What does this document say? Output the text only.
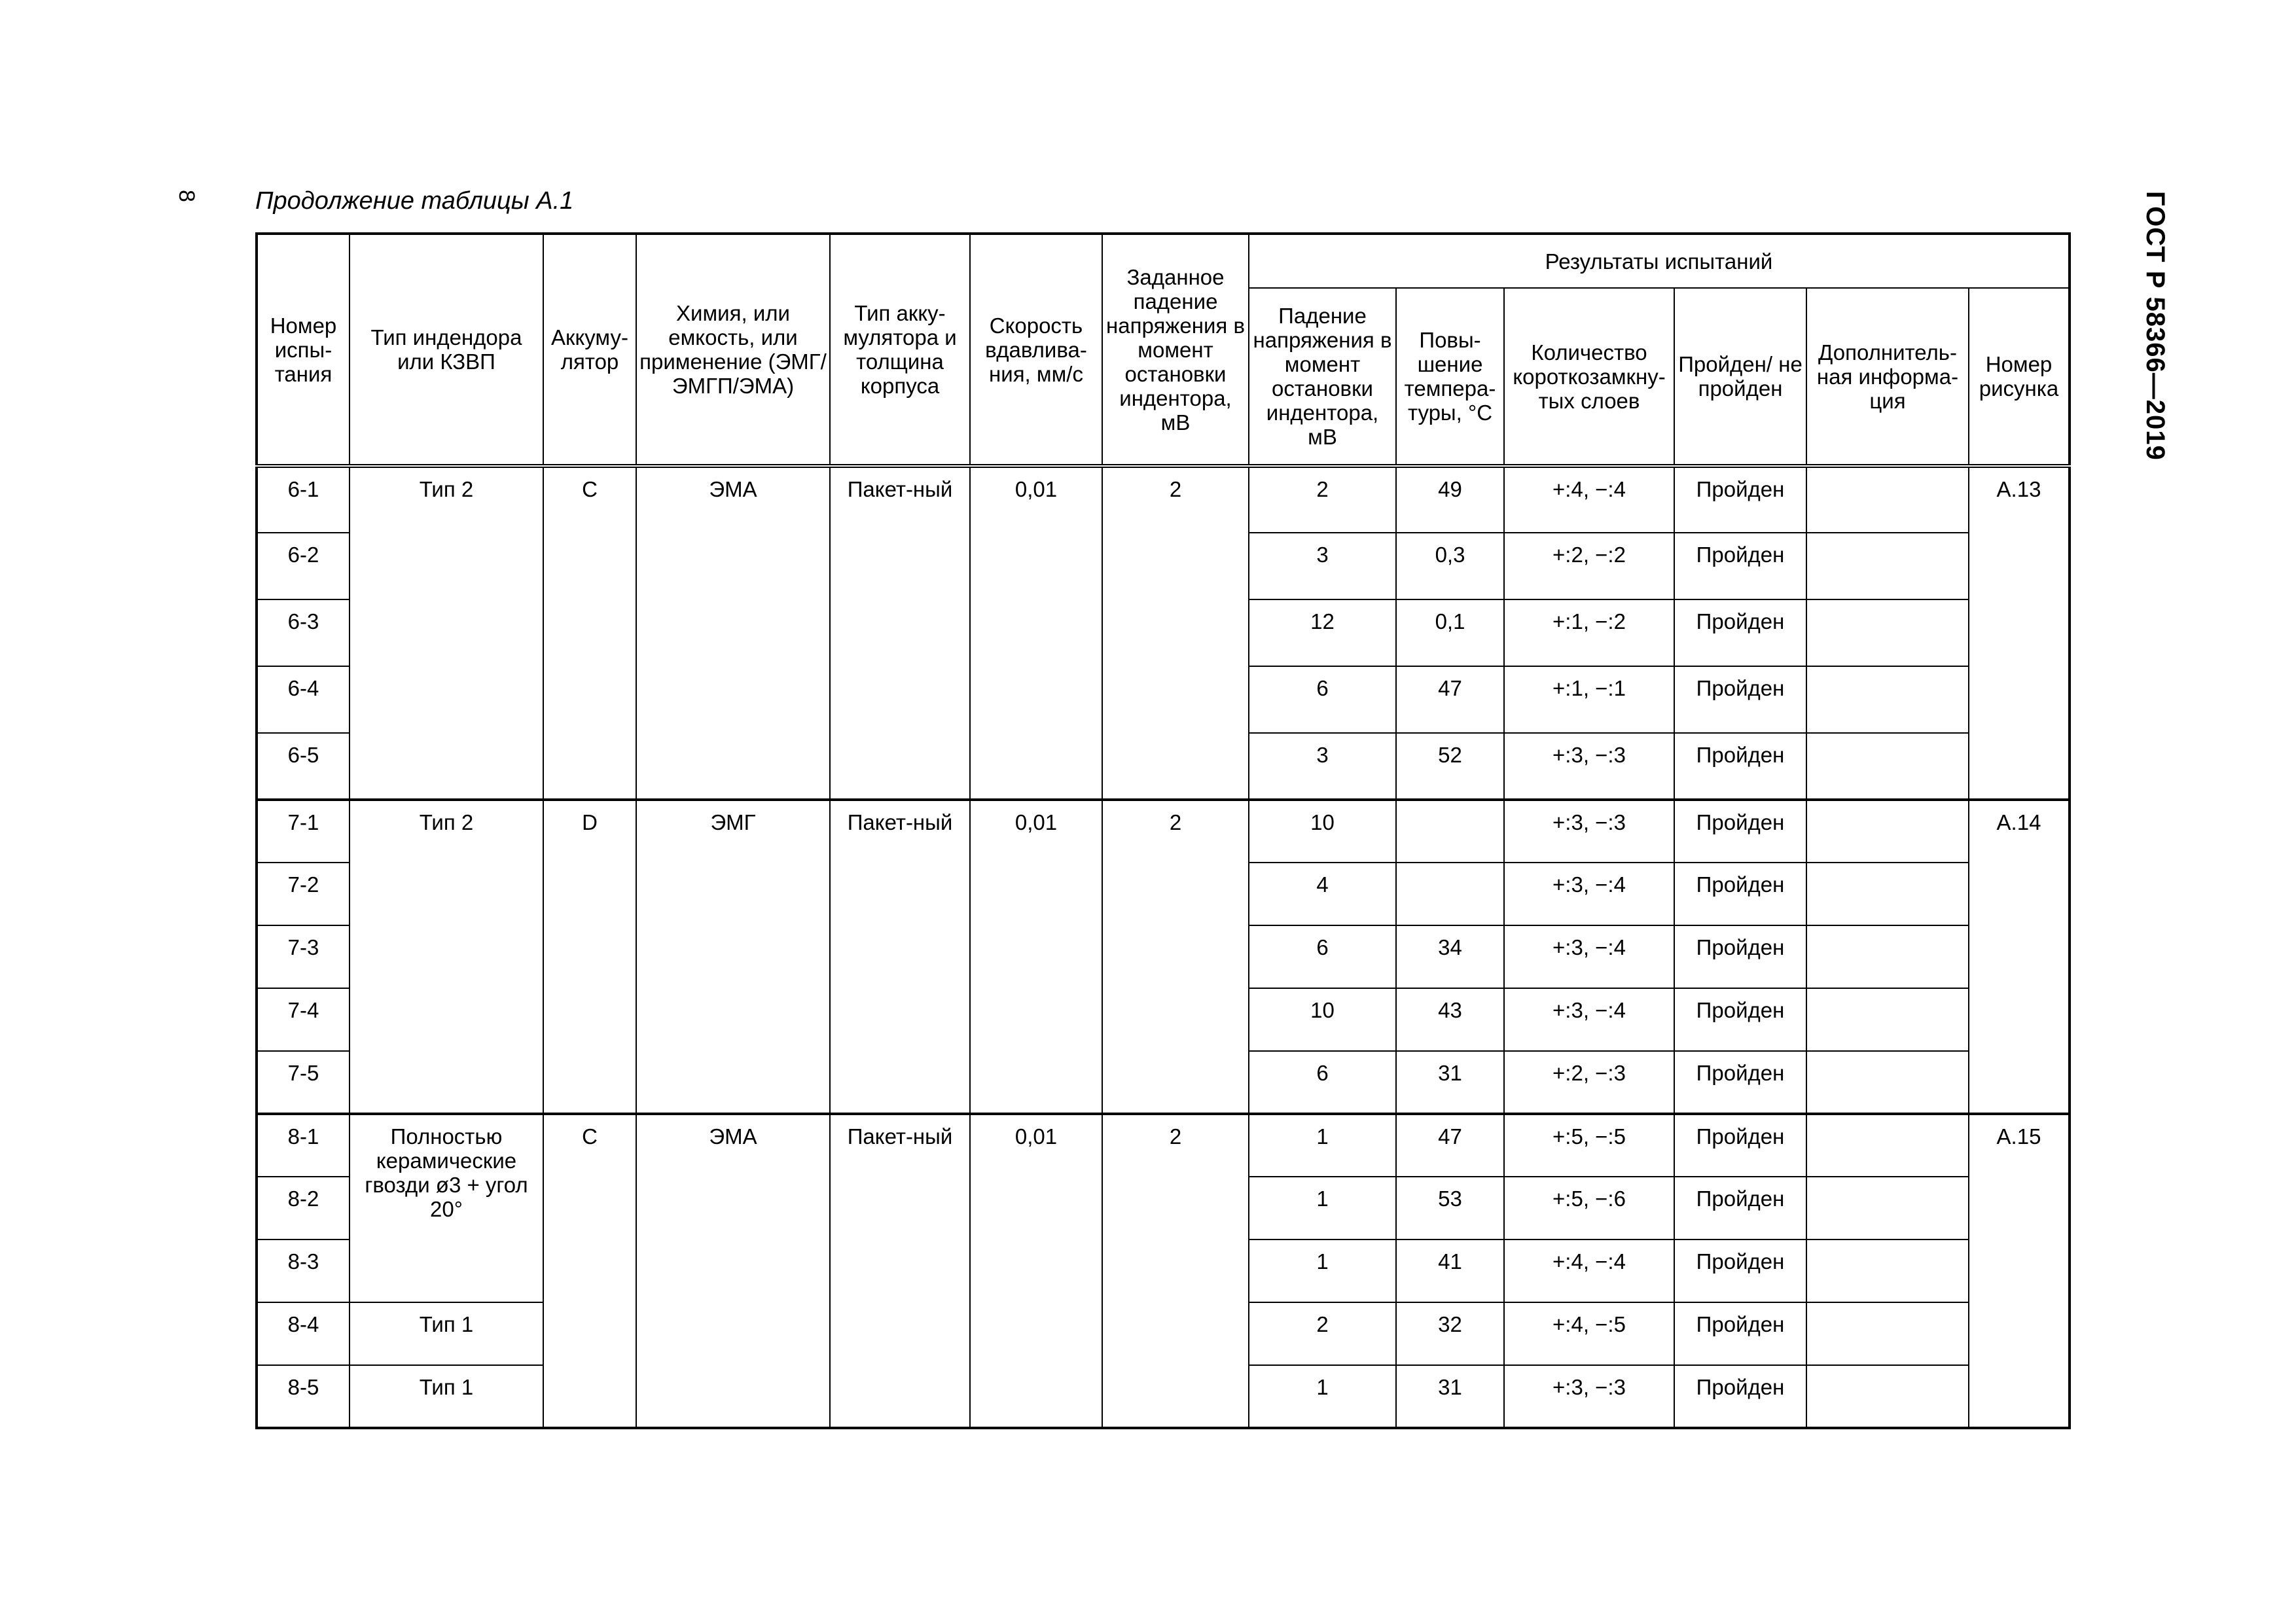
8 Продолжение таблицы А.1	ГОСТ Р 58366—2019
Номер испы-тания	Тип индендора или КЗВП	Аккуму-лятор	Химия, или емкость, или применение (ЭМГ/ЭМГП/ЭМА)	Тип акку-мулятора и толщина корпуса	Скорость вдавлива-ния, мм/с	Заданное падение напряжения в момент остановки индентора, мВ	Результаты испытаний					
							Падение напряжения в момент остановки индентора, мВ	Повы-шение темпера-туры, °С	Количество короткозамкну-тых слоев	Пройден/ не пройден	Дополнитель-ная информа-ция	Номер рисунка
6-1	Тип 2	С	ЭМА	Пакет-ный	0,01	2	2	49	+:4, −:4	Пройден		А.13
6-2							3	0,3	+:2, −:2	Пройден		
6-3							12	0,1	+:1, −:2	Пройден		
6-4							6	47	+:1, −:1	Пройден		
6-5							3	52	+:3, −:3	Пройден		
7-1	Тип 2	D	ЭМГ	Пакет-ный	0,01	2	10		+:3, −:3	Пройден		А.14
7-2							4		+:3, −:4	Пройден		
7-3							6	34	+:3, −:4	Пройден		
7-4							10	43	+:3, −:4	Пройден		
7-5							6	31	+:2, −:3	Пройден		
8-1	Полностью керамические гвозди ø3 + угол 20°	С	ЭМА	Пакет-ный	0,01	2	1	47	+:5, −:5	Пройден		А.15
8-2							1	53	+:5, −:6	Пройден		
8-3							1	41	+:4, −:4	Пройден		
8-4	Тип 1						2	32	+:4, −:5	Пройден		
8-5	Тип 1						1	31	+:3, −:3	Пройден		
